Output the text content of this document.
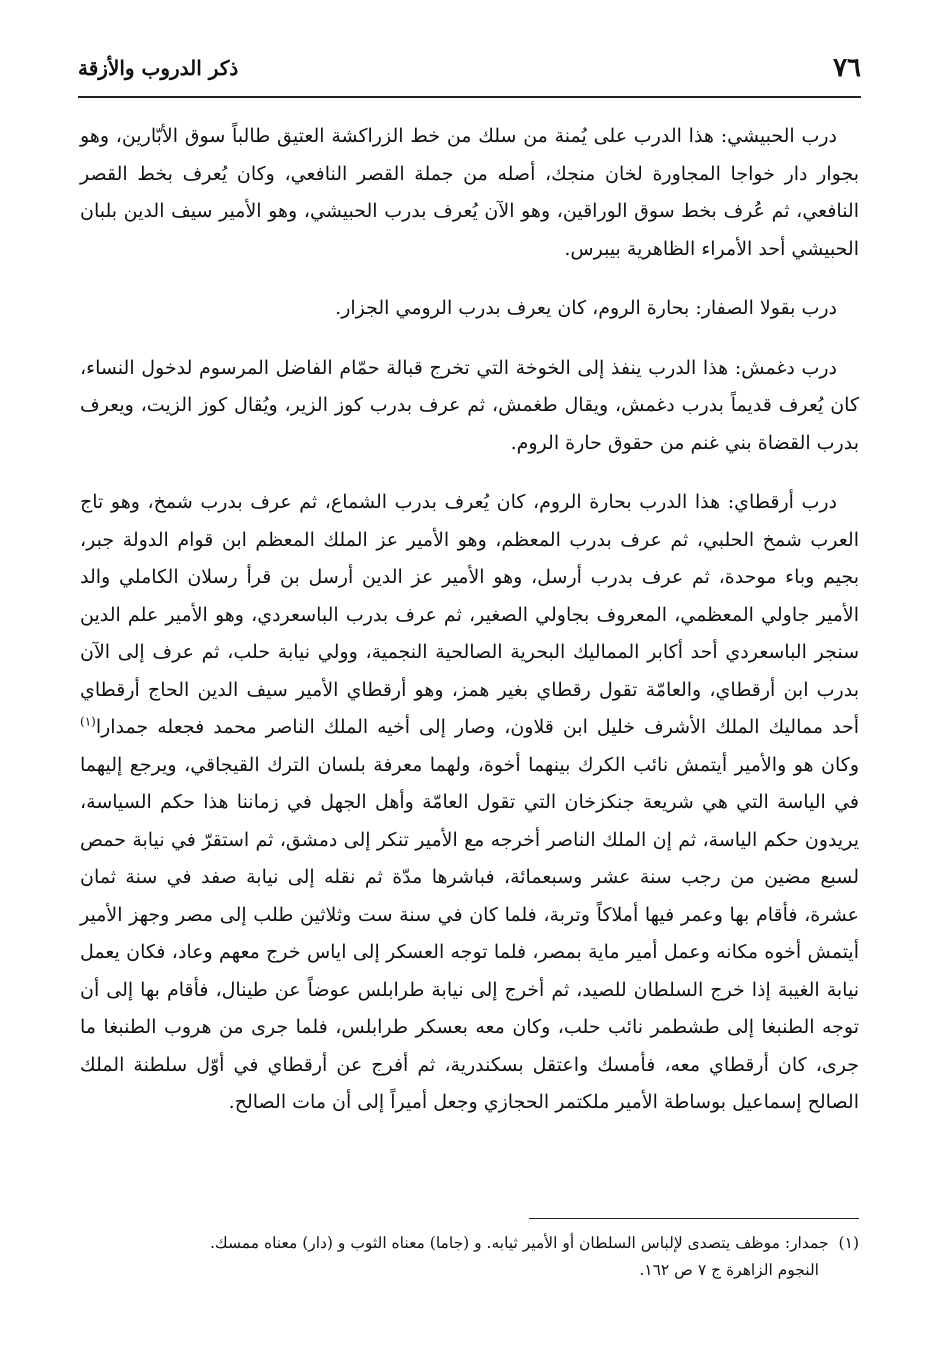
٧٦
ذكر الدروب والأزقة

درب الحبيشي: هذا الدرب على يُمنة من سلك من خط الزراكشة العتيق طالباً سوق الأبّارين، وهو بجوار دار خواجا المجاورة لخان منجك، أصله من جملة القصر النافعي، وكان يُعرف بخط القصر النافعي، ثم عُرف بخط سوق الوراقين، وهو الآن يُعرف بدرب الحبيشي، وهو الأمير سيف الدين بلبان الحبيشي أحد الأمراء الظاهرية بيبرس.

درب بقولا الصفار: بحارة الروم، كان يعرف بدرب الرومي الجزار.

درب دغمش: هذا الدرب ينفذ إلى الخوخة التي تخرج قبالة حمّام الفاضل المرسوم لدخول النساء، كان يُعرف قديماً بدرب دغمش، ويقال طغمش، ثم عرف بدرب كوز الزير، ويُقال كوز الزيت، ويعرف بدرب القضاة بني غنم من حقوق حارة الروم.

درب أرقطاي: هذا الدرب بحارة الروم، كان يُعرف بدرب الشماع، ثم عرف بدرب شمخ، وهو تاج العرب شمخ الحلبي، ثم عرف بدرب المعظم، وهو الأمير عز الملك المعظم ابن قوام الدولة جبر، بجيم وباء موحدة، ثم عرف بدرب أرسل، وهو الأمير عز الدين أرسل بن قرأ رسلان الكاملي والد الأمير جاولي المعظمي، المعروف بجاولي الصغير، ثم عرف بدرب الباسعردي، وهو الأمير علم الدين سنجر الباسعردي أحد أكابر المماليك البحرية الصالحية النجمية، وولي نيابة حلب، ثم عرف إلى الآن بدرب ابن أرقطاي، والعامّة تقول رقطاي بغير همز، وهو أرقطاي الأمير سيف الدين الحاج أرقطاي أحد مماليك الملك الأشرف خليل ابن قلاون، وصار إلى أخيه الملك الناصر محمد فجعله جمدارا$^{(١)}$ وكان هو والأمير أيتمش نائب الكرك بينهما أخوة، ولهما معرفة بلسان الترك القيجاقي، ويرجع إليهما في الياسة التي هي شريعة جنكزخان التي تقول العامّة وأهل الجهل في زماننا هذا حكم السياسة، يريدون حكم الياسة، ثم إن الملك الناصر أخرجه مع الأمير تنكر إلى دمشق، ثم استقرّ في نيابة حمص لسبع مضين من رجب سنة عشر وسبعمائة، فباشرها مدّة ثم نقله إلى نيابة صفد في سنة ثمان عشرة، فأقام بها وعمر فيها أملاكاً وتربة، فلما كان في سنة ست وثلاثين طلب إلى مصر وجهز الأمير أيتمش أخوه مكانه وعمل أمير ماية بمصر، فلما توجه العسكر إلى اياس خرج معهم وعاد، فكان يعمل نيابة الغيبة إذا خرج السلطان للصيد، ثم أخرج إلى نيابة طرابلس عوضاً عن طينال، فأقام بها إلى أن توجه الطنبغا إلى طشطمر نائب حلب، وكان معه بعسكر طرابلس، فلما جرى من هروب الطنبغا ما جرى، كان أرقطاي معه، فأمسك واعتقل بسكندرية، ثم أفرج عن أرقطاي في أوّل سلطنة الملك الصالح إسماعيل بوساطة الأمير ملكتمر الحجازي وجعل أميراً إلى أن مات الصالح.

(١)جمدار: موظف يتصدى لإلباس السلطان أو الأمير ثيابه. و (جاما) معناه الثوب و (دار) معناه ممسك.
النجوم الزاهرة ج ٧ ص ١٦٢.
